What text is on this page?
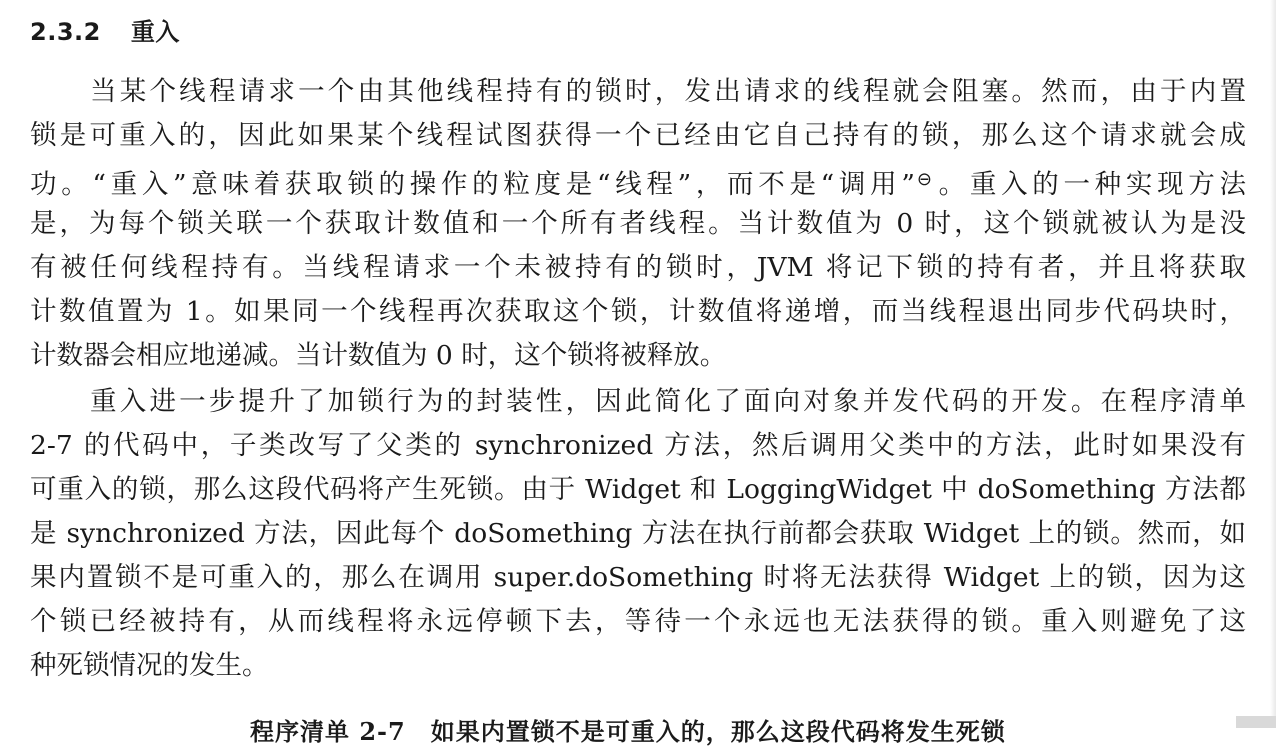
2.3.2 重入
当某个线程请求一个由其他线程持有的锁时，发出请求的线程就会阻塞。然而，由于内置
锁是可重入的，因此如果某个线程试图获得一个已经由它自己持有的锁，那么这个请求就会成
功。“重入”意味着获取锁的操作的粒度是“线程”，而不是“调用” ⊖。重入的一种实现方法
是，为每个锁关联一个获取计数值和一个所有者线程。当计数值为 0 时，这个锁就被认为是没
有被任何线程持有。当线程请求一个未被持有的锁时，JVM 将记下锁的持有者，并且将获取
计数值置为 1。如果同一个线程再次获取这个锁，计数值将递增，而当线程退出同步代码块时，
计数器会相应地递减。当计数值为 0 时，这个锁将被释放。
重入进一步提升了加锁行为的封装性，因此简化了面向对象并发代码的开发。在程序清单
2-7 的代码中，子类改写了父类的 synchronized 方法，然后调用父类中的方法，此时如果没有
可重入的锁，那么这段代码将产生死锁。由于 Widget 和 LoggingWidget 中 doSomething 方法都
是 synchronized 方法，因此每个 doSomething 方法在执行前都会获取 Widget 上的锁。然而，如
果内置锁不是可重入的，那么在调用 super.doSomething 时将无法获得 Widget 上的锁，因为这
个锁已经被持有，从而线程将永远停顿下去，等待一个永远也无法获得的锁。重入则避免了这
种死锁情况的发生。
程序清单 2-7　如果内置锁不是可重入的，那么这段代码将发生死锁
